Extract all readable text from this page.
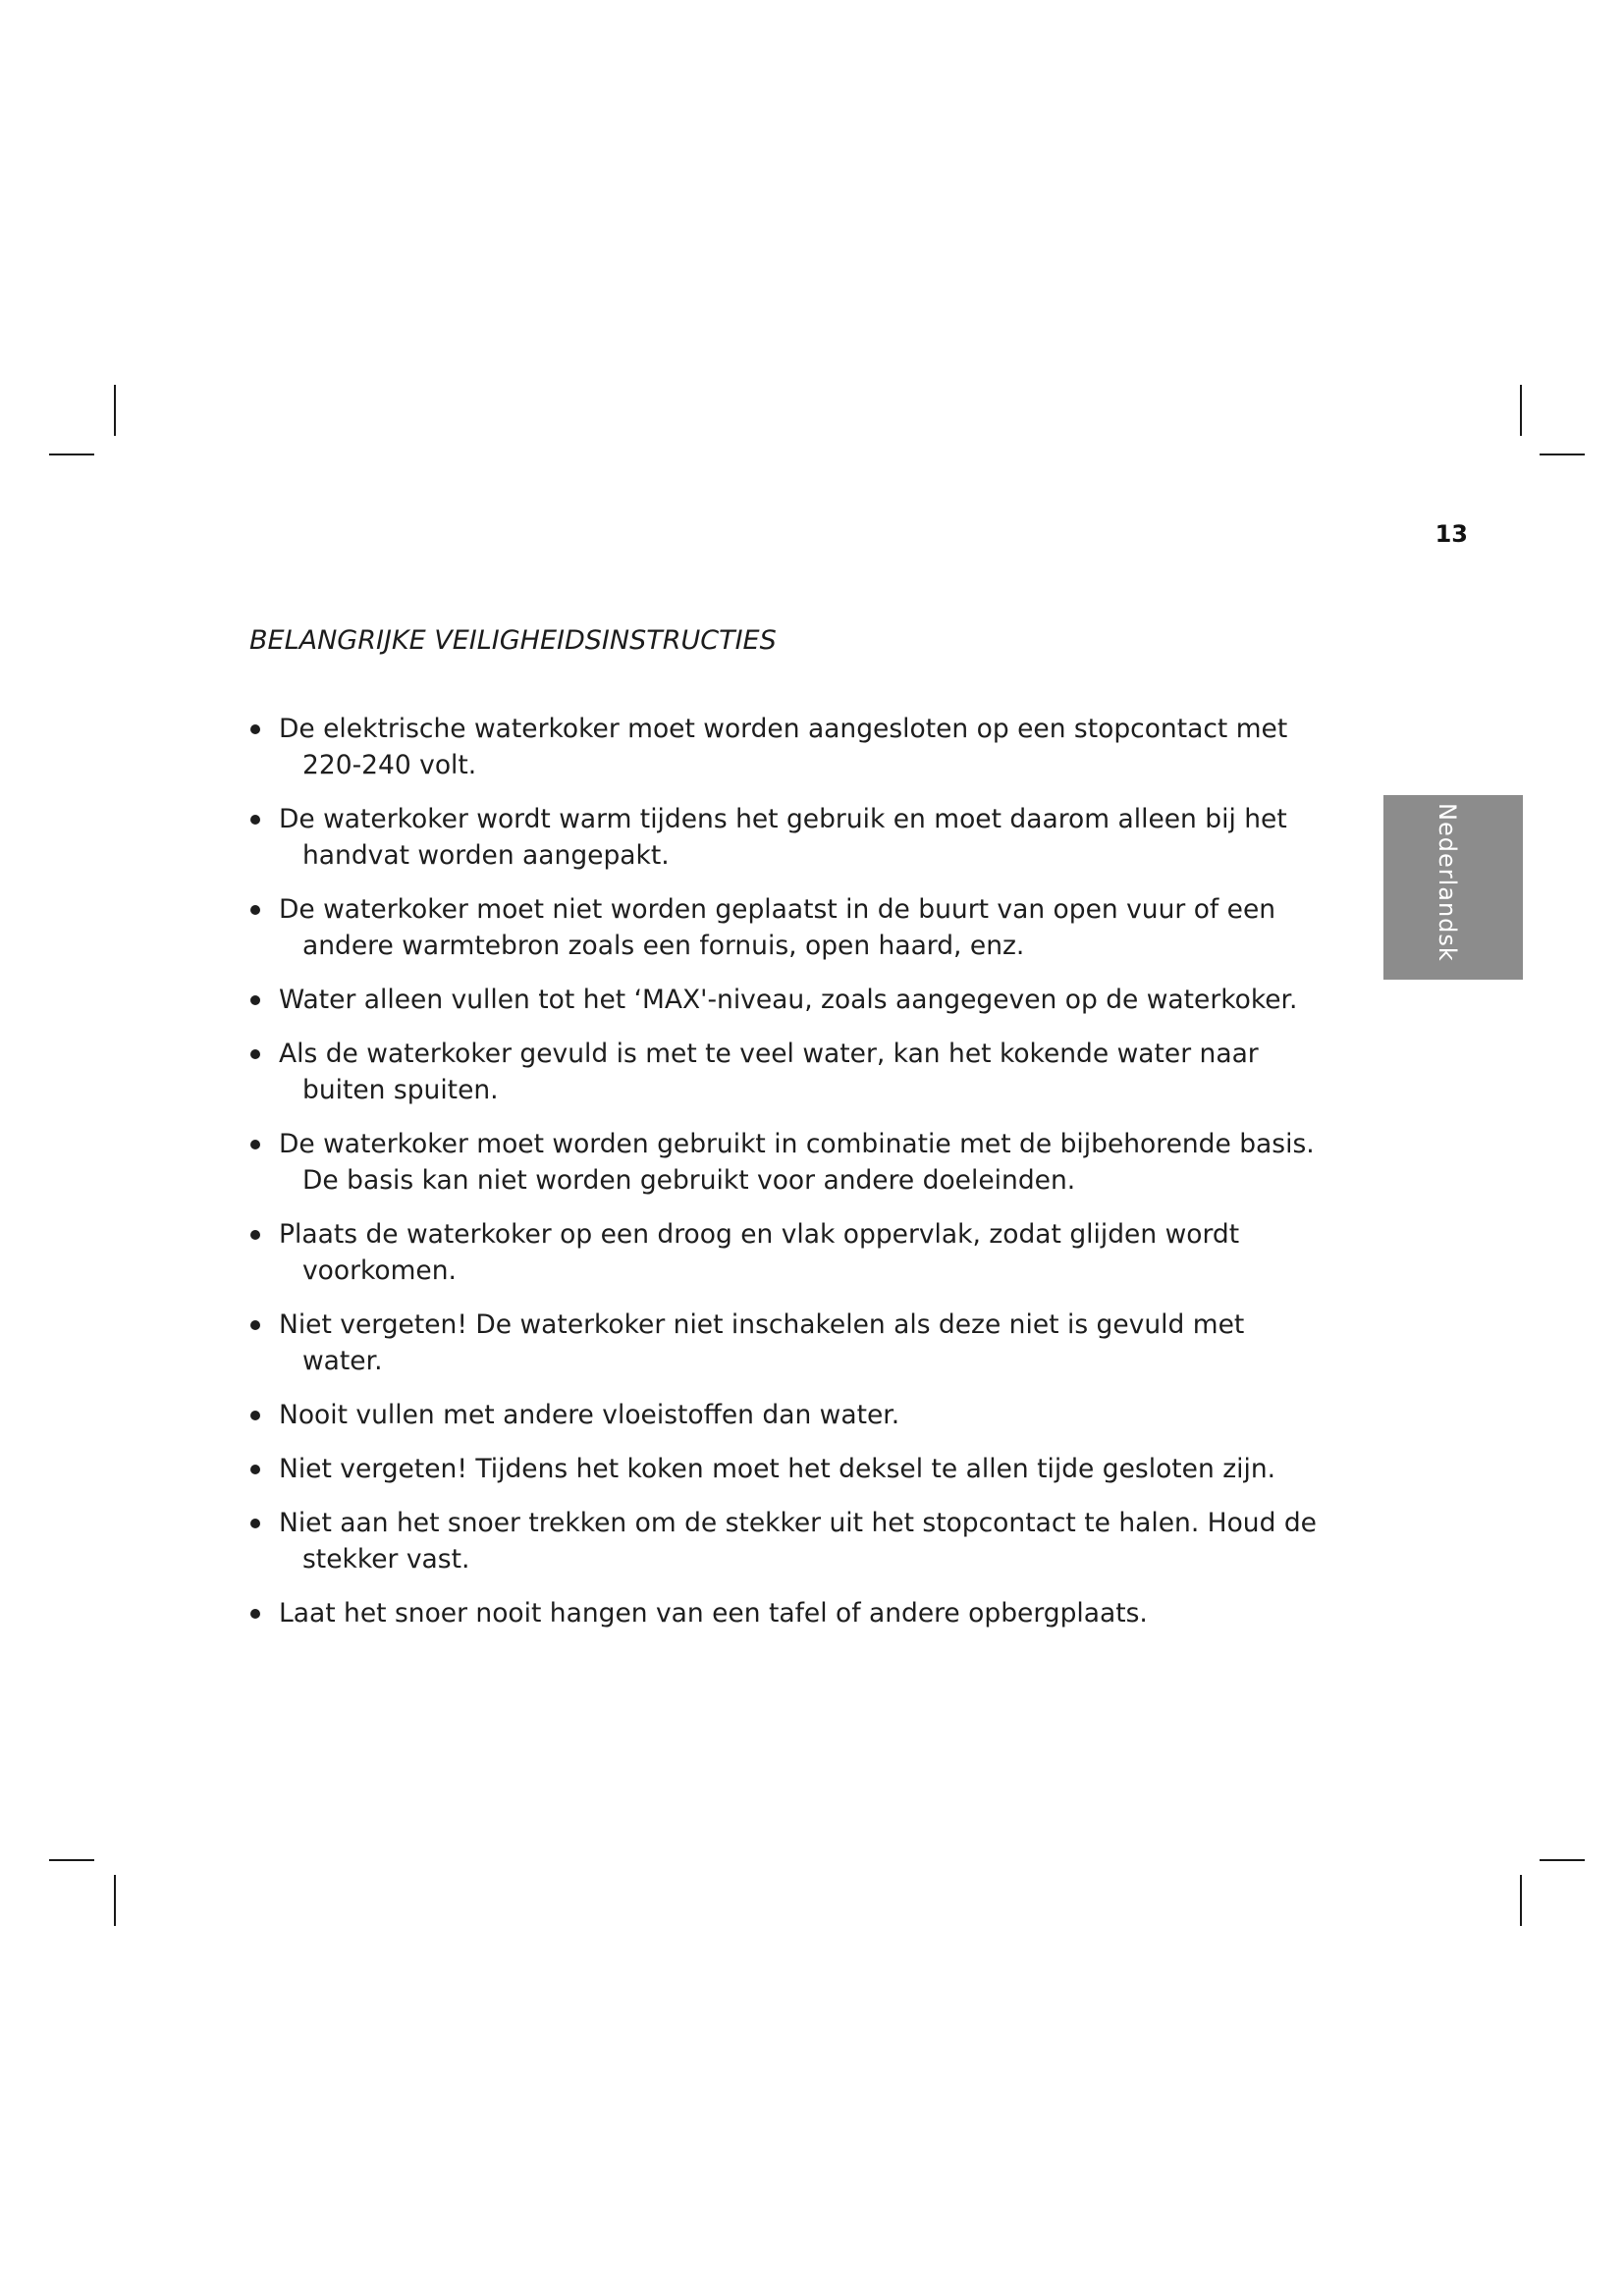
13
BELANGRIJKE VEILIGHEIDSINSTRUCTIES
Nederlandsk
De elektrische waterkoker moet worden aangesloten op een stopcontact met
220-240 volt.
De waterkoker wordt warm tijdens het gebruik en moet daarom alleen bij het
handvat worden aangepakt.
De waterkoker moet niet worden geplaatst in de buurt van open vuur of een
andere warmtebron zoals een fornuis, open haard, enz.
Water alleen vullen tot het ‘MAX'-niveau, zoals aangegeven op de waterkoker.
Als de waterkoker gevuld is met te veel water, kan het kokende water naar
buiten spuiten.
De waterkoker moet worden gebruikt in combinatie met de bijbehorende basis.
De basis kan niet worden gebruikt voor andere doeleinden.
Plaats de waterkoker op een droog en vlak oppervlak, zodat glijden wordt
voorkomen.
Niet vergeten! De waterkoker niet inschakelen als deze niet is gevuld met
water.
Nooit vullen met andere vloeistoffen dan water.
Niet vergeten! Tijdens het koken moet het deksel te allen tijde gesloten zijn.
Niet aan het snoer trekken om de stekker uit het stopcontact te halen. Houd de
stekker vast.
Laat het snoer nooit hangen van een tafel of andere opbergplaats.
